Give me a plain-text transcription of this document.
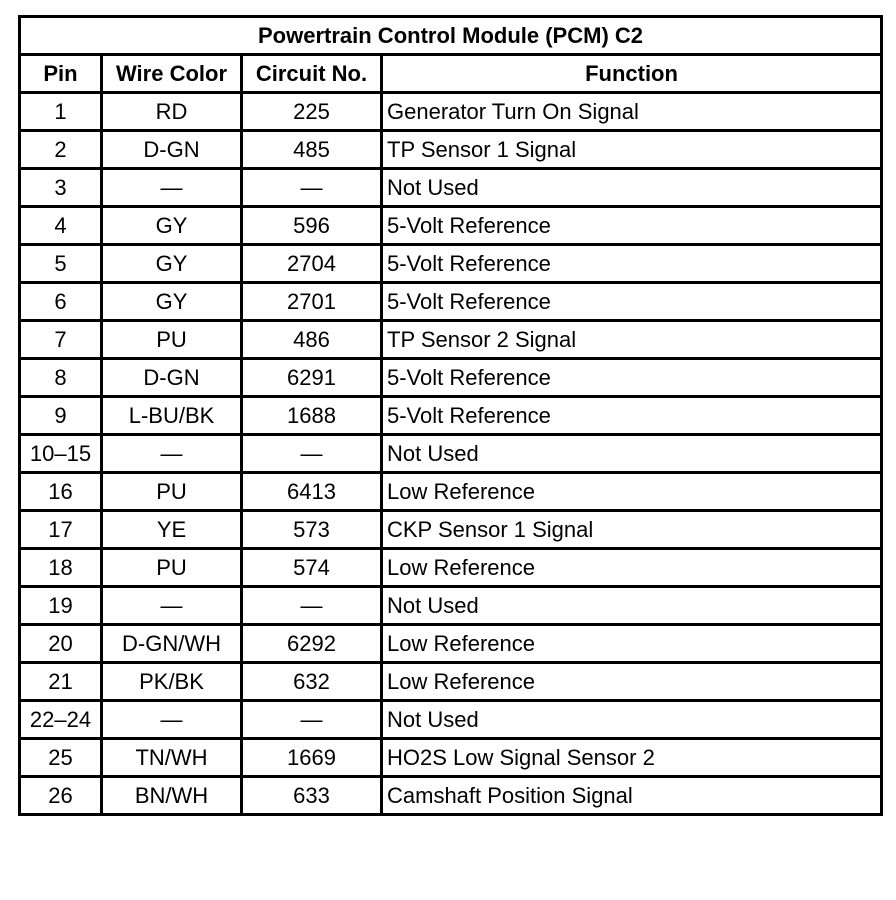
Powertrain Control Module (PCM) C2			
Pin	Wire Color	Circuit No.	Function
1	RD	225	Generator Turn On Signal
2	D-GN	485	TP Sensor 1 Signal
3	—	—	Not Used
4	GY	596	5-Volt Reference
5	GY	2704	5-Volt Reference
6	GY	2701	5-Volt Reference
7	PU	486	TP Sensor 2 Signal
8	D-GN	6291	5-Volt Reference
9	L-BU/BK	1688	5-Volt Reference
10–15	—	—	Not Used
16	PU	6413	Low Reference
17	YE	573	CKP Sensor 1 Signal
18	PU	574	Low Reference
19	—	—	Not Used
20	D-GN/WH	6292	Low Reference
21	PK/BK	632	Low Reference
22–24	—	—	Not Used
25	TN/WH	1669	HO2S Low Signal Sensor 2
26	BN/WH	633	Camshaft Position Signal
